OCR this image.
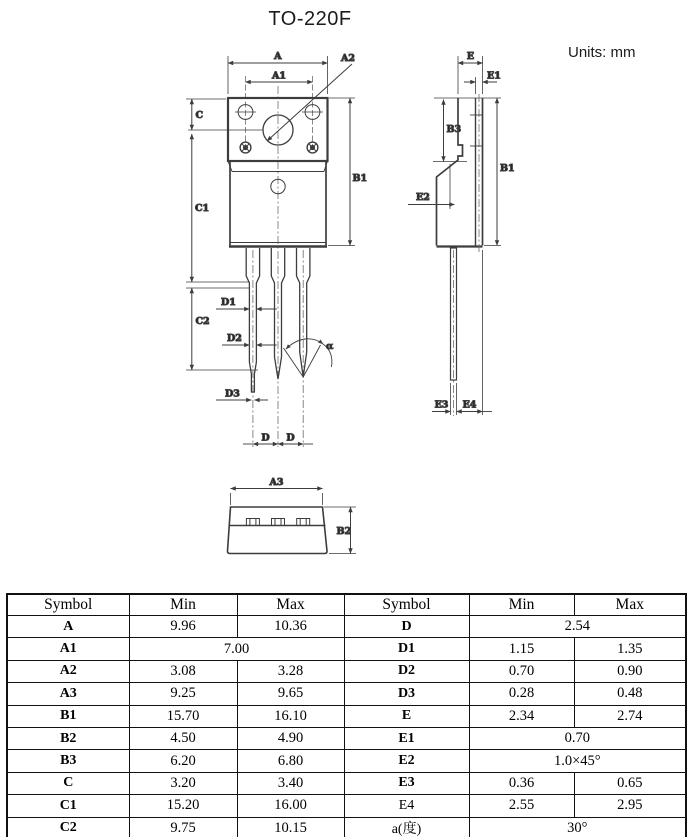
TO-220F
Units: mm
A
A1
A2
C
C1
C2
B1
D1
D2
D3
D D
α
E
E1
B3
B1
E2
E3 E4
A3
B2
Symbol	Min	Max	Symbol	Min	Max
A	9.96	10.36	D	2.54	
A1	7.00		D1	1.15	1.35
A2	3.08	3.28	D2	0.70	0.90
A3	9.25	9.65	D3	0.28	0.48
B1	15.70	16.10	E	2.34	2.74
B2	4.50	4.90	E1	0.70	
B3	6.20	6.80	E2	1.0×45°	
C	3.20	3.40	E3	0.36	0.65
C1	15.20	16.00	E4	2.55	2.95
C2	9.75	10.15	a(度)	30°	
